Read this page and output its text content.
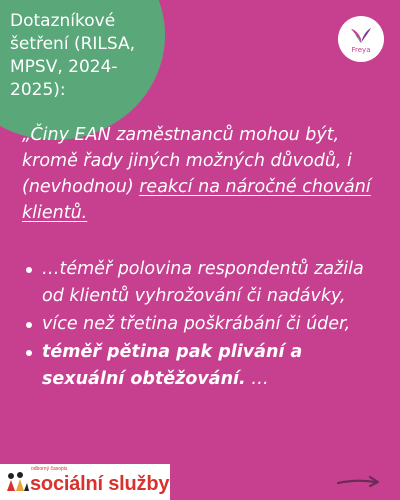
Dotazníkové šetření (RILSA, MPSV, 2024-2025):
Freya
„Činy EAN zaměstnanců mohou být, kromě řady jiných možných důvodů, i (nevhodnou) reakcí na náročné chování klientů.
…téměř polovina respondentů zažila od klientů vyhrožování či nadávky,
více než třetina poškrábání či úder,
téměř pětina pak plivání a sexuální obtěžování. …
odborný časopis
sociální služby
